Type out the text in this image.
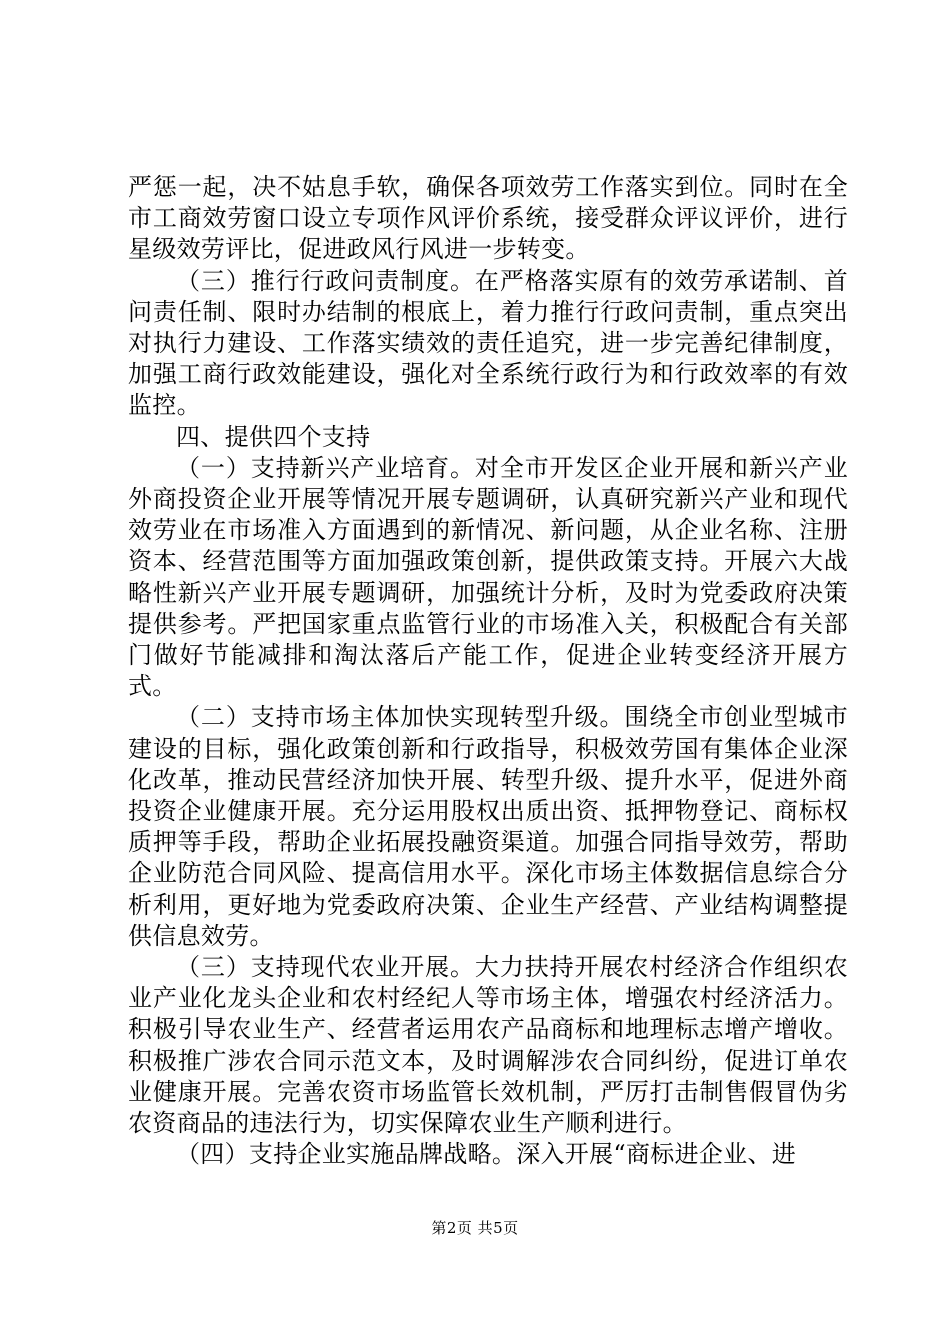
严惩一起，决不姑息手软，确保各项效劳工作落实到位。同时在全市工商效劳窗口设立专项作风评价系统，接受群众评议评价，进行星级效劳评比，促进政风行风进一步转变。

（三）推行行政问责制度。在严格落实原有的效劳承诺制、首问责任制、限时办结制的根底上，着力推行行政问责制，重点突出对执行力建设、工作落实绩效的责任追究，进一步完善纪律制度，加强工商行政效能建设，强化对全系统行政行为和行政效率的有效监控。

四、提供四个支持

（一）支持新兴产业培育。对全市开发区企业开展和新兴产业外商投资企业开展等情况开展专题调研，认真研究新兴产业和现代效劳业在市场准入方面遇到的新情况、新问题，从企业名称、注册资本、经营范围等方面加强政策创新，提供政策支持。开展六大战略性新兴产业开展专题调研，加强统计分析，及时为党委政府决策提供参考。严把国家重点监管行业的市场准入关，积极配合有关部门做好节能减排和淘汰落后产能工作，促进企业转变经济开展方式。

（二）支持市场主体加快实现转型升级。围绕全市创业型城市建设的目标，强化政策创新和行政指导，积极效劳国有集体企业深化改革，推动民营经济加快开展、转型升级、提升水平，促进外商投资企业健康开展。充分运用股权出质出资、抵押物登记、商标权质押等手段，帮助企业拓展投融资渠道。加强合同指导效劳，帮助企业防范合同风险、提高信用水平。深化市场主体数据信息综合分析利用，更好地为党委政府决策、企业生产经营、产业结构调整提供信息效劳。

（三）支持现代农业开展。大力扶持开展农村经济合作组织农业产业化龙头企业和农村经纪人等市场主体，增强农村经济活力。积极引导农业生产、经营者运用农产品商标和地理标志增产增收。积极推广涉农合同示范文本，及时调解涉农合同纠纷，促进订单农业健康开展。完善农资市场监管长效机制，严厉打击制售假冒伪劣农资商品的违法行为，切实保障农业生产顺利进行。

（四）支持企业实施品牌战略。深入开展“商标进企业、进

第2页 共5页
